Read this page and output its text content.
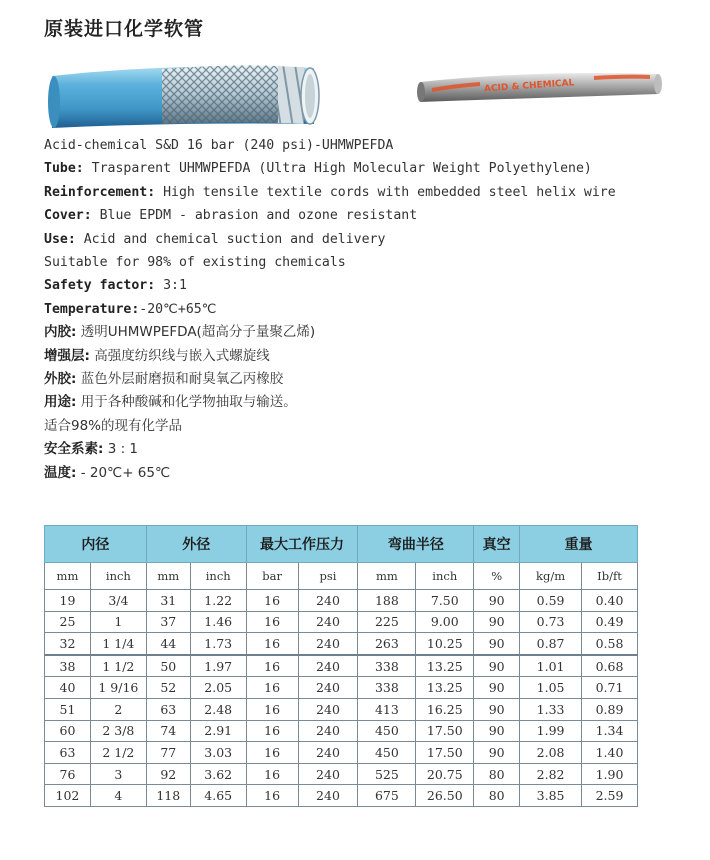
原装进口化学软管
ACID & CHEMICAL
Acid-chemical S&D 16 bar (240 psi)-UHMWPEFDA
Tube: Trasparent UHMWPEFDA (Ultra High Molecular Weight Polyethylene)
Reinforcement: High tensile textile cords with embedded steel helix wire
Cover: Blue EPDM - abrasion and ozone resistant
Use: Acid and chemical suction and delivery
Suitable for 98% of existing chemicals
Safety factor: 3:1
Temperature:-20℃+65℃
内胶: 透明UHMWPEFDA(超高分子量聚乙烯)
增强层: 高强度纺织线与嵌入式螺旋线
外胶: 蓝色外层耐磨损和耐臭氧乙丙橡胶
用途: 用于各种酸碱和化学物抽取与输送。
适合98%的现有化学品
安全系素: 3 : 1
温度: - 20℃+ 65℃
内径		外径		最大工作压力		弯曲半径		真空	重量	
mm	inch	mm	inch	bar	psi	mm	inch	%	kg/m	Ib/ft
19	3/4	31	1.22	16	240	188	7.50	90	0.59	0.40
25	1	37	1.46	16	240	225	9.00	90	0.73	0.49
32	1 1/4	44	1.73	16	240	263	10.25	90	0.87	0.58
38	1 1/2	50	1.97	16	240	338	13.25	90	1.01	0.68
40	1 9/16	52	2.05	16	240	338	13.25	90	1.05	0.71
51	2	63	2.48	16	240	413	16.25	90	1.33	0.89
60	2 3/8	74	2.91	16	240	450	17.50	90	1.99	1.34
63	2 1/2	77	3.03	16	240	450	17.50	90	2.08	1.40
76	3	92	3.62	16	240	525	20.75	80	2.82	1.90
102	4	118	4.65	16	240	675	26.50	80	3.85	2.59
